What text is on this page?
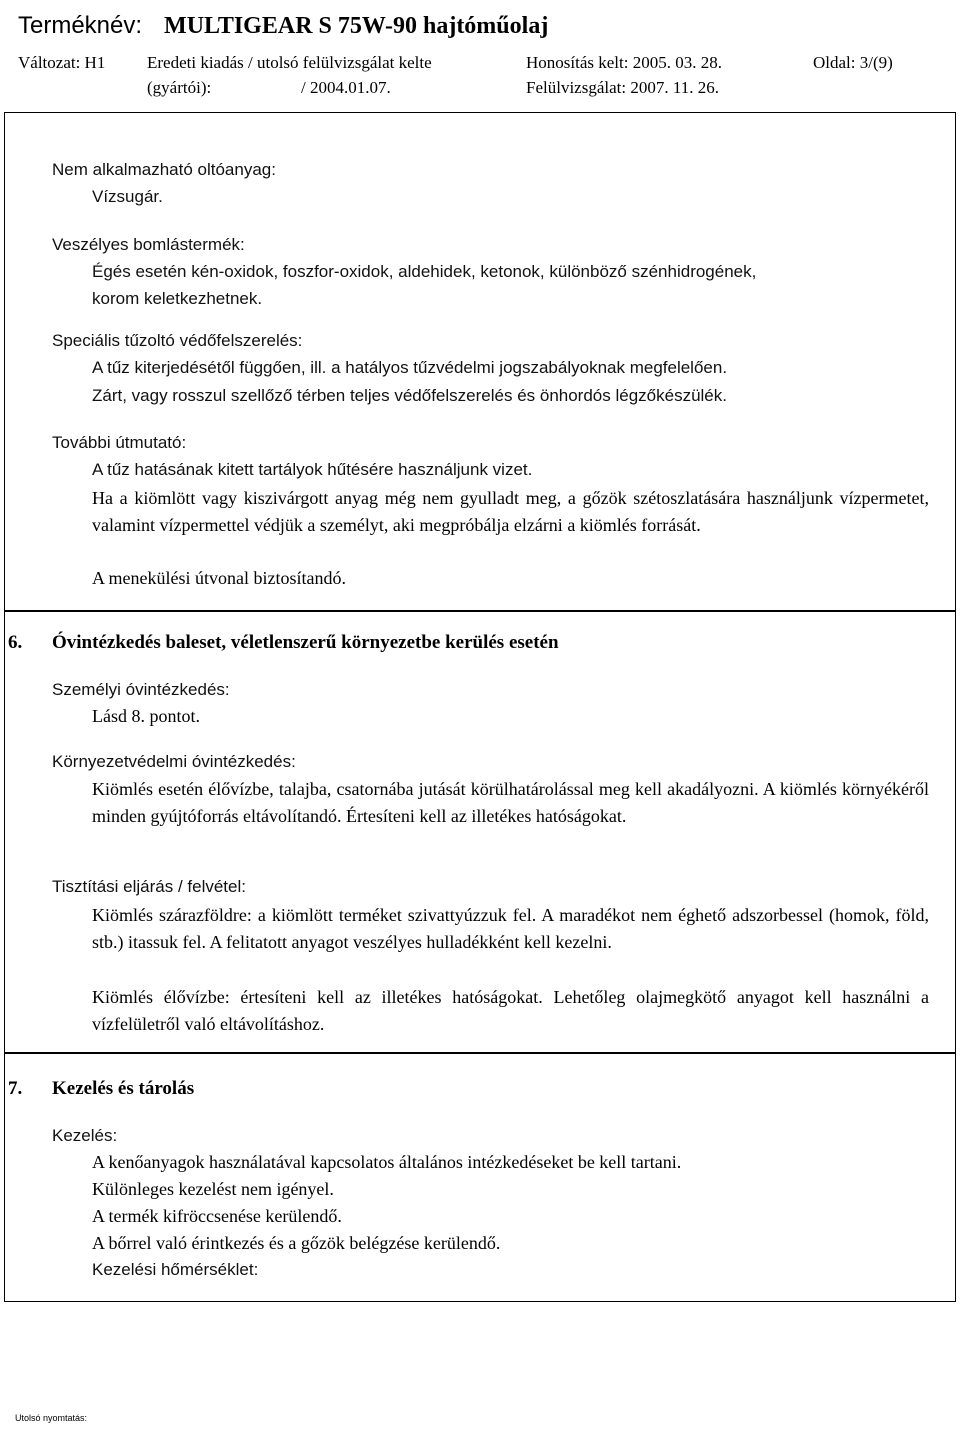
Terméknév: MULTIGEAR S 75W-90 hajtóműolaj
Változat: H1 Eredeti kiadás / utolsó felülvizsgálat kelte	Honosítás kelt: 2005. 03. 28.	Oldal: 3/(9)
(gyártói):	/ 2004.01.07.	Felülvizsgálat: 2007. 11. 26.
Nem alkalmazható oltóanyag:
Vízsugár.
Veszélyes bomlástermék:
Égés esetén kén-oxidok, foszfor-oxidok, aldehidek, ketonok, különböző szénhidrogének,
korom keletkezhetnek.
Speciális tűzoltó védőfelszerelés:
A tűz kiterjedésétől függően, ill. a hatályos tűzvédelmi jogszabályoknak megfelelően.
Zárt, vagy rosszul szellőző térben teljes védőfelszerelés és önhordós légzőkészülék.
További útmutató:
A tűz hatásának kitett tartályok hűtésére használjunk vizet.
Ha a kiömlött vagy kiszivárgott anyag még nem gyulladt meg, a gőzök szétoszlatására használjunk vízpermetet, valamint vízpermettel védjük a személyt, aki megpróbálja elzárni a kiömlés forrását.
A menekülési útvonal biztosítandó.
6. Óvintézkedés baleset, véletlenszerű környezetbe kerülés esetén
Személyi óvintézkedés:
Lásd 8. pontot.
Környezetvédelmi óvintézkedés:
Kiömlés esetén élővízbe, talajba, csatornába jutását körülhatárolással meg kell akadályozni. A kiömlés környékéről minden gyújtóforrás eltávolítandó. Értesíteni kell az illetékes hatóságokat.
Tisztítási eljárás / felvétel:
Kiömlés szárazföldre: a kiömlött terméket szivattyúzzuk fel. A maradékot nem éghető adszorbessel (homok, föld, stb.) itassuk fel. A felitatott anyagot veszélyes hulladékként kell kezelni.
Kiömlés élővízbe: értesíteni kell az illetékes hatóságokat. Lehetőleg olajmegkötő anyagot kell használni a vízfelületről való eltávolításhoz.
7. Kezelés és tárolás
Kezelés:
A kenőanyagok használatával kapcsolatos általános intézkedéseket be kell tartani.
Különleges kezelést nem igényel.
A termék kifröccsenése kerülendő.
A bőrrel való érintkezés és a gőzök belégzése kerülendő.
Kezelési hőmérséklet:
Utolsó nyomtatás:
